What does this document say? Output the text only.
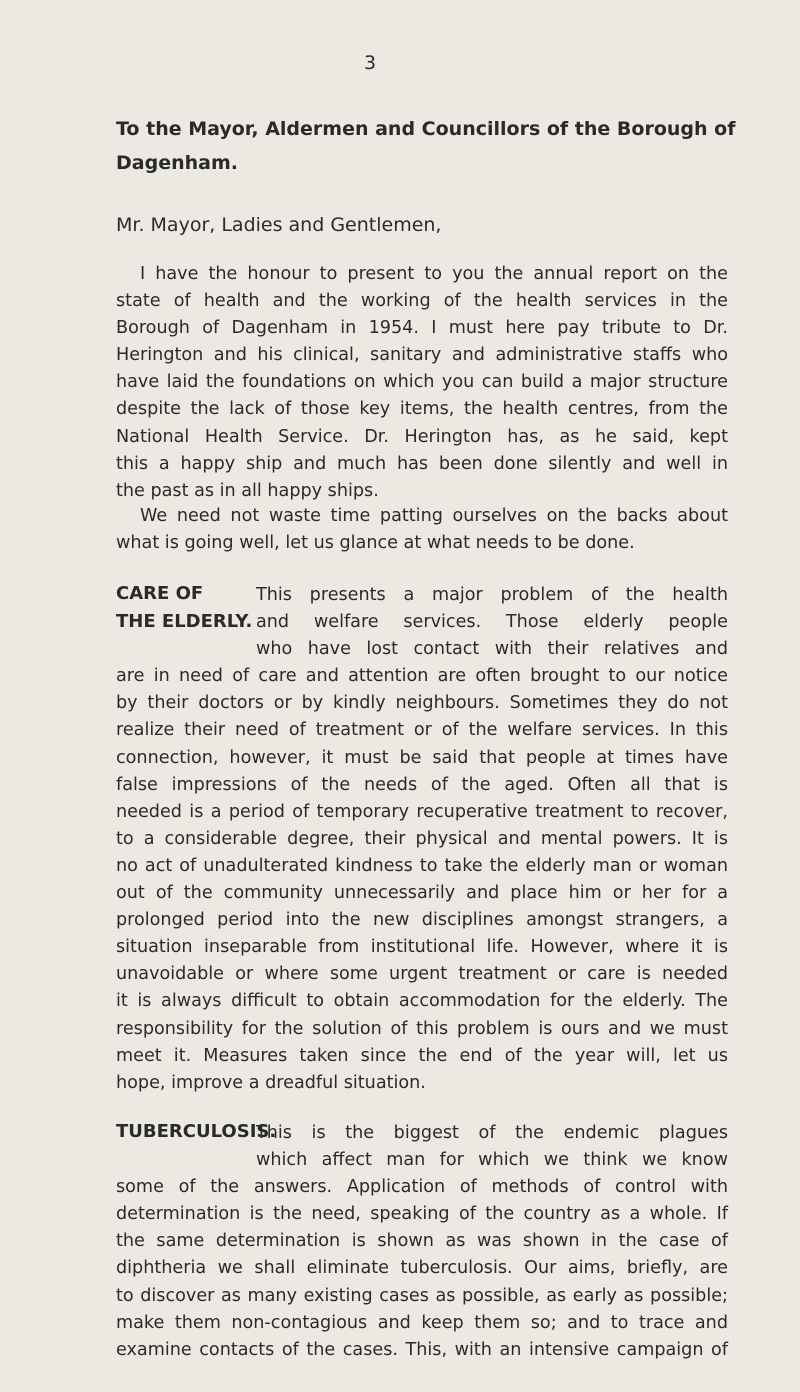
3
To the Mayor, Aldermen and Councillors of the Borough of
Dagenham.
Mr. Mayor, Ladies and Gentlemen,
I have the honour to present to you the annual report on the
state of health and the working of the health services in the
Borough of Dagenham in 1954. I must here pay tribute to Dr.
Herington and his clinical, sanitary and administrative staffs who
have laid the foundations on which you can build a major structure
despite the lack of those key items, the health centres, from the
National Health Service. Dr. Herington has, as he said, kept
this a happy ship and much has been done silently and well in
the past as in all happy ships.
We need not waste time patting ourselves on the backs about
what is going well, let us glance at what needs to be done.
CARE OF
THE ELDERLY.
This presents a major problem of the health
and welfare services. Those elderly people
who have lost contact with their relatives and
are in need of care and attention are often brought to our notice
by their doctors or by kindly neighbours. Sometimes they do not
realize their need of treatment or of the welfare services. In this
connection, however, it must be said that people at times have
false impressions of the needs of the aged. Often all that is
needed is a period of temporary recuperative treatment to recover,
to a considerable degree, their physical and mental powers. It is
no act of unadulterated kindness to take the elderly man or woman
out of the community unnecessarily and place him or her for a
prolonged period into the new disciplines amongst strangers, a
situation inseparable from institutional life. However, where it is
unavoidable or where some urgent treatment or care is needed
it is always difficult to obtain accommodation for the elderly. The
responsibility for the solution of this problem is ours and we must
meet it. Measures taken since the end of the year will, let us
hope, improve a dreadful situation.
TUBERCULOSIS.
This is the biggest of the endemic plagues
which affect man for which we think we know
some of the answers. Application of methods of control with
determination is the need, speaking of the country as a whole. If
the same determination is shown as was shown in the case of
diphtheria we shall eliminate tuberculosis. Our aims, briefly, are
to discover as many existing cases as possible, as early as possible;
make them non-contagious and keep them so; and to trace and
examine contacts of the cases. This, with an intensive campaign of
